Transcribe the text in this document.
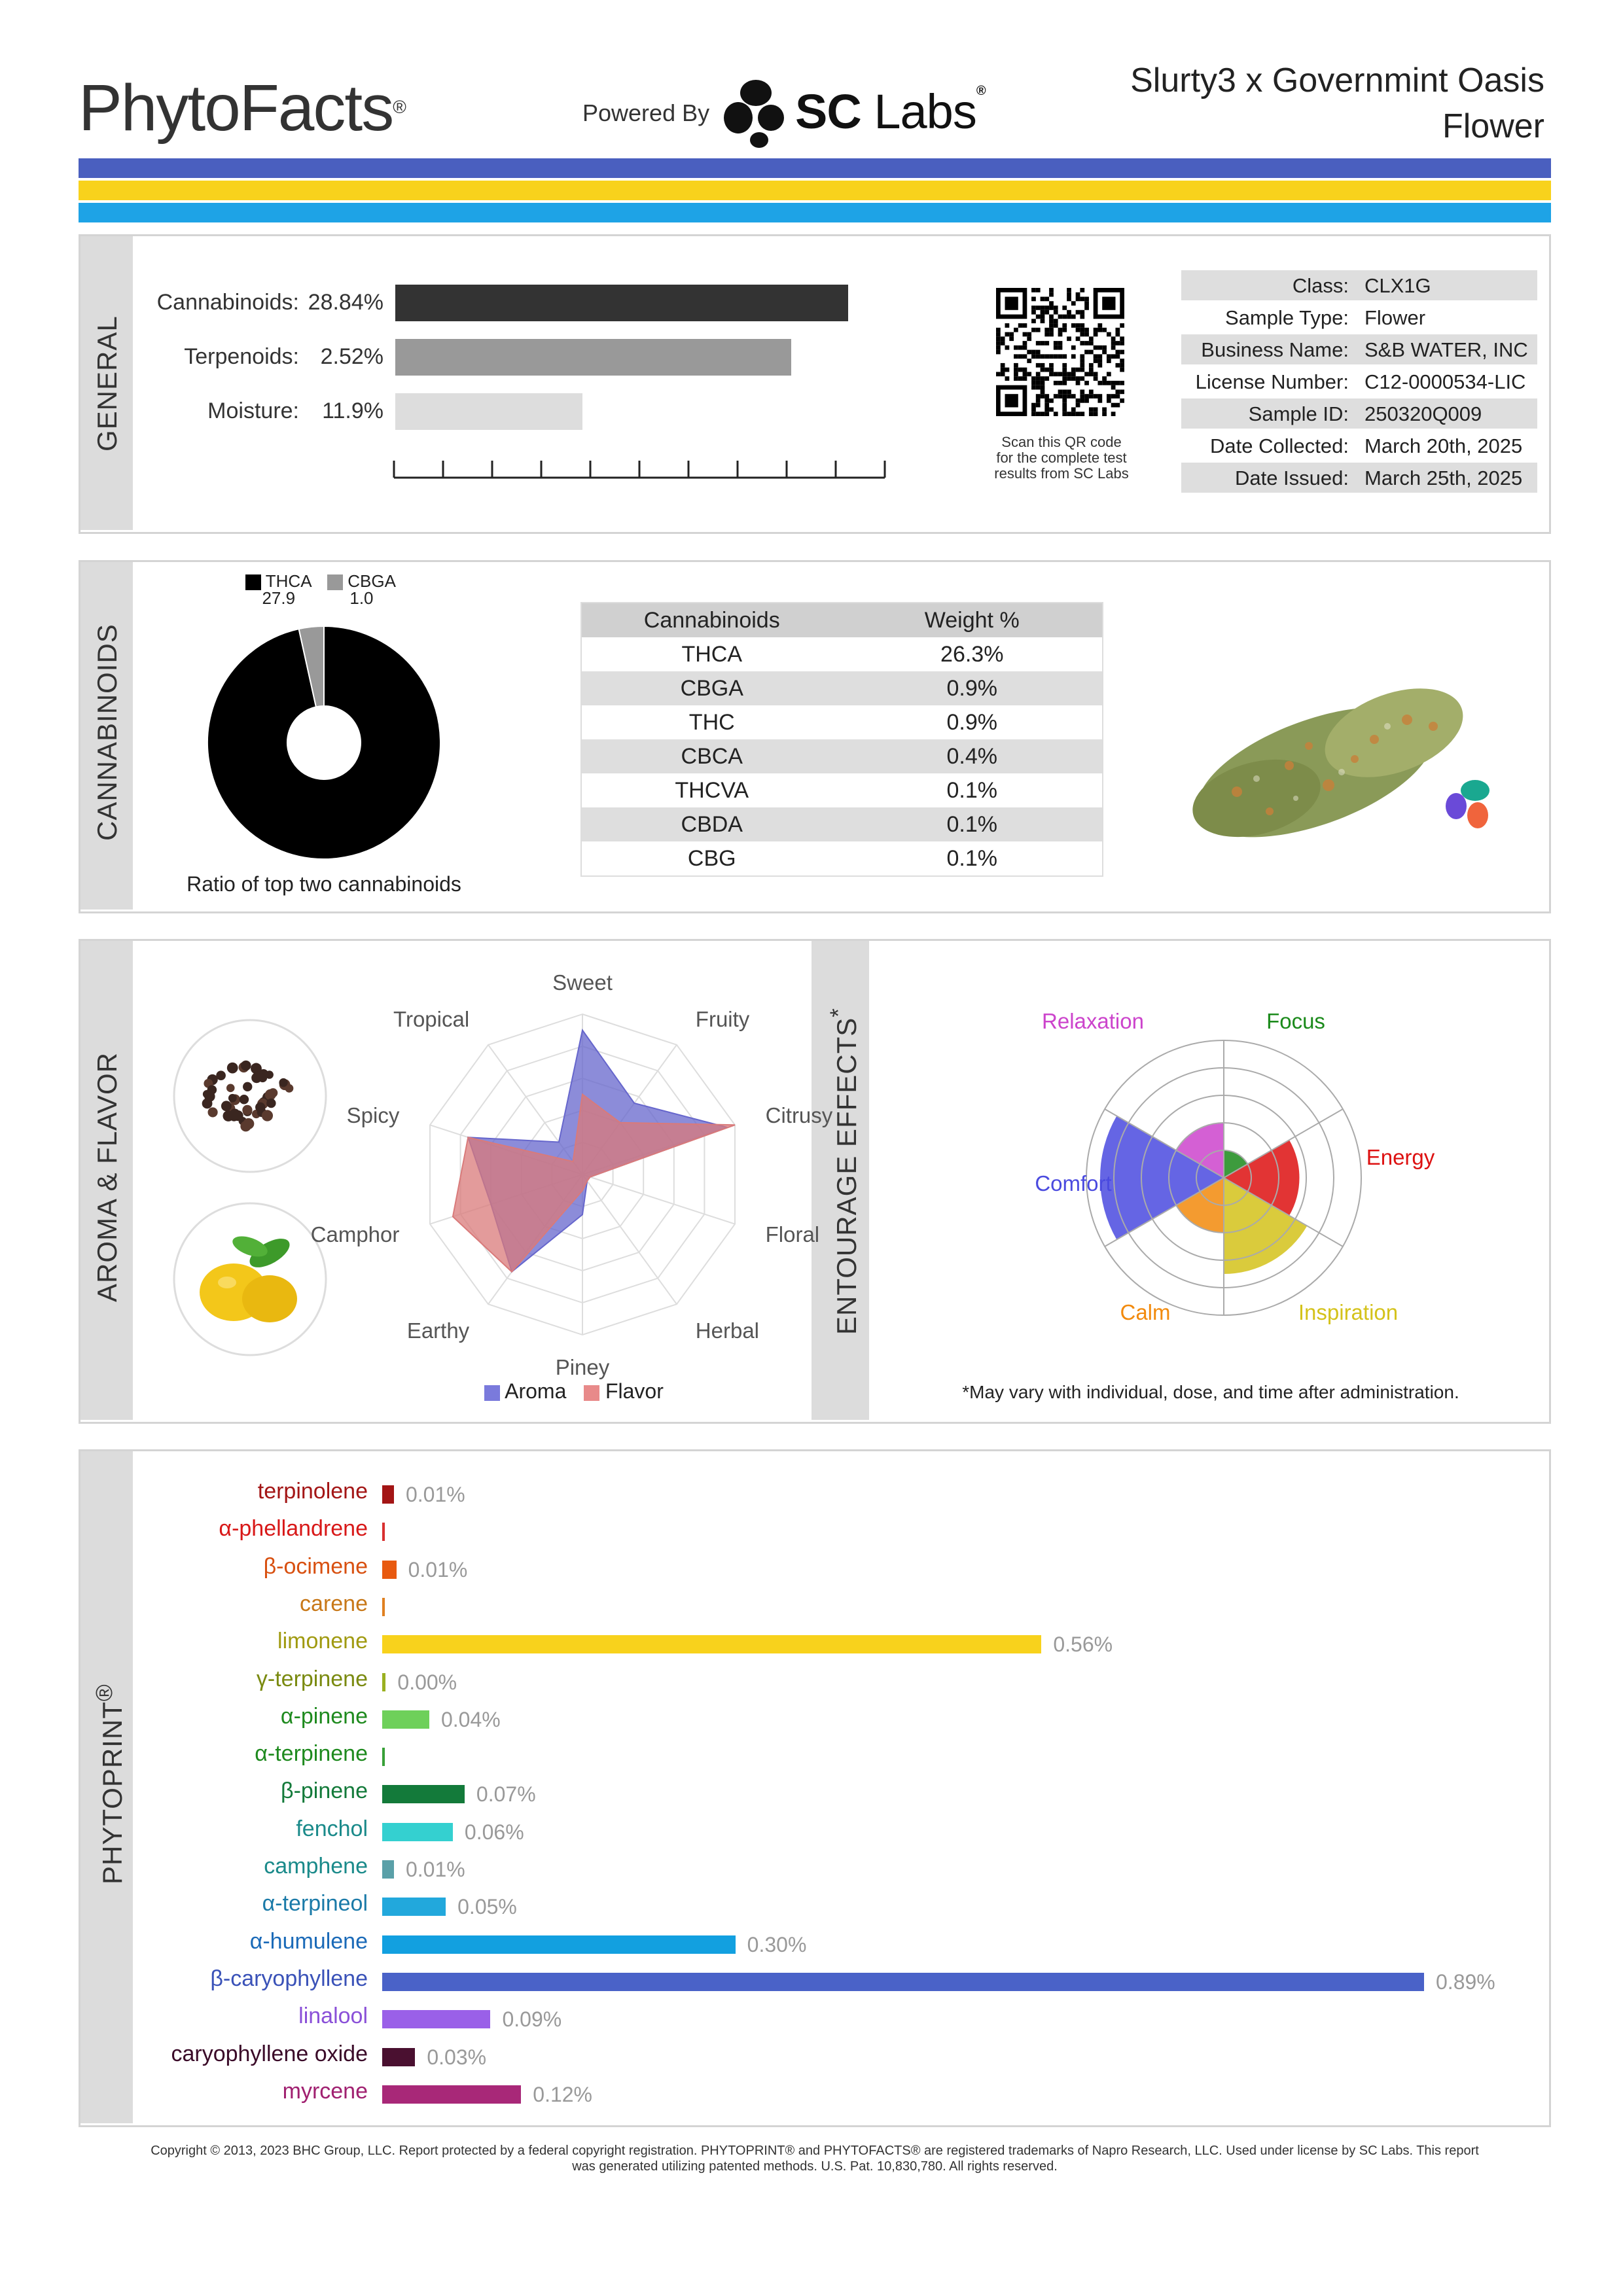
PhytoFacts®	Powered By SC Labs®	Slurty3 x Governmint Oasis
Flower
GENERAL
Cannabinoids: 28.84%
Terpenoids: 2.52%
Moisture:	11.9%
Scan this QR code
for the complete test
results from SC Labs
Class: CLX1G
Sample Type: Flower
Business Name: S&B WATER, INC
License Number: C12-0000534-LIC
Sample ID: 250320Q009
Date Collected: March 20th, 2025
Date Issued: March 25th, 2025
CANNABINOIDS
THCA
27.9
CBGA
1.0
Ratio of top two cannabinoids
Cannabinoids	Weight %
THCA	26.3%
CBGA	0.9%
THC	0.9%
CBCA	0.4%
THCVA	0.1%
CBDA	0.1%
CBG	0.1%
AROMA & FLAVOR	ENTOURAGE EFFECTS*
Sweet
Fruity
Citrusy
Floral
Herbal
Piney
Earthy
Camphor
Spicy
Tropical
Aroma Flavor
Focus
Energy
Inspiration
Calm
Comfort
Relaxation
*May vary with individual, dose, and time after administration.
PHYTOPRINT®
terpinolene 0.01%
α-phellandrene
β-ocimene 0.01%
carene
limonene	0.56%
γ-terpinene 0.00%
α-pinene	0.04%
α-terpinene
β-pinene	0.07%
fenchol	0.06%
camphene 0.01%
α-terpineol	0.05%
α-humulene	0.30%
β-caryophyllene	0.89%
linalool	0.09%
caryophyllene oxide	0.03%
myrcene	0.12%
Copyright © 2013, 2023 BHC Group, LLC. Report protected by a federal copyright registration. PHYTOPRINT® and PHYTOFACTS® are registered trademarks of Napro Research, LLC. Used under license by SC Labs. This report
was generated utilizing patented methods. U.S. Pat. 10,830,780. All rights reserved.
